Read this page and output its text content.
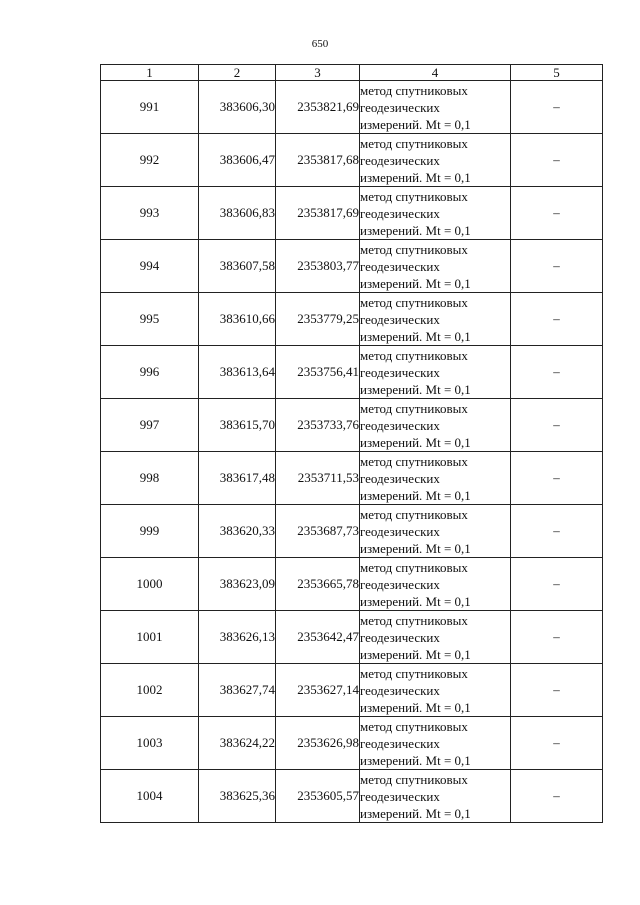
650
1	2	3	4	5
991	383606,30	2353821,69	метод спутниковых
геодезических
измерений. Mt = 0,1	–
992	383606,47	2353817,68	метод спутниковых
геодезических
измерений. Mt = 0,1	–
993	383606,83	2353817,69	метод спутниковых
геодезических
измерений. Mt = 0,1	–
994	383607,58	2353803,77	метод спутниковых
геодезических
измерений. Mt = 0,1	–
995	383610,66	2353779,25	метод спутниковых
геодезических
измерений. Mt = 0,1	–
996	383613,64	2353756,41	метод спутниковых
геодезических
измерений. Mt = 0,1	–
997	383615,70	2353733,76	метод спутниковых
геодезических
измерений. Mt = 0,1	–
998	383617,48	2353711,53	метод спутниковых
геодезических
измерений. Mt = 0,1	–
999	383620,33	2353687,73	метод спутниковых
геодезических
измерений. Mt = 0,1	–
1000	383623,09	2353665,78	метод спутниковых
геодезических
измерений. Mt = 0,1	–
1001	383626,13	2353642,47	метод спутниковых
геодезических
измерений. Mt = 0,1	–
1002	383627,74	2353627,14	метод спутниковых
геодезических
измерений. Mt = 0,1	–
1003	383624,22	2353626,98	метод спутниковых
геодезических
измерений. Mt = 0,1	–
1004	383625,36	2353605,57	метод спутниковых
геодезических
измерений. Mt = 0,1	–
